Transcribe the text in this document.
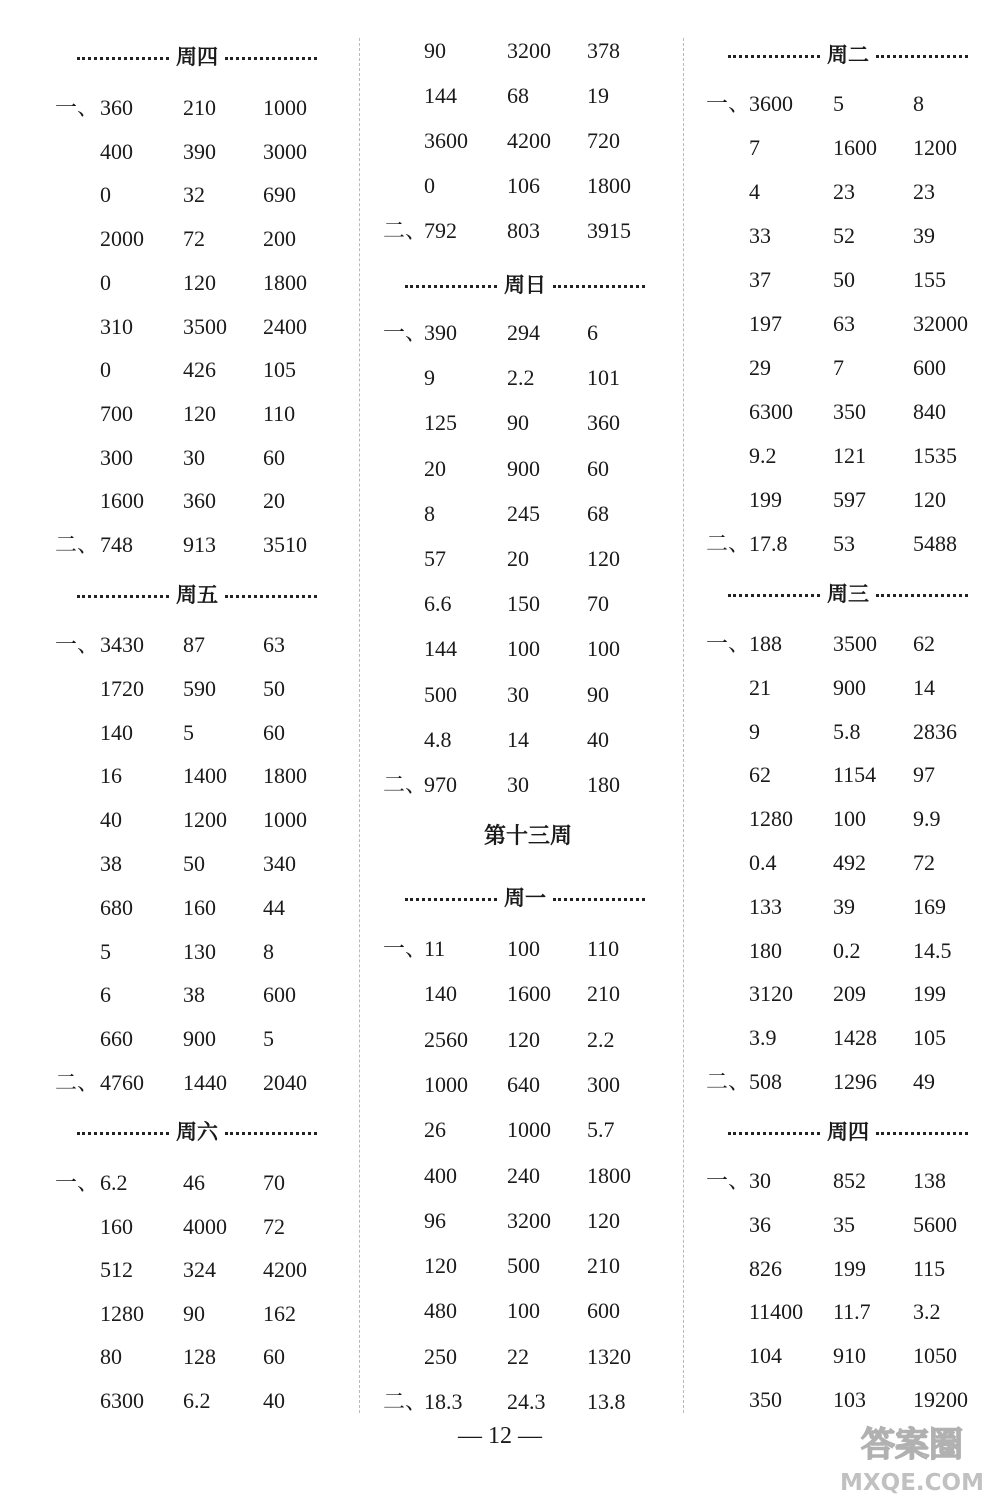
周四
一、 360 210 1000
400 390 3000
0	32	690
2000 72	200
0	120 1800
310 3500 2400
0	426 105
700 120 110
300 30	60
1600 360 20
二、 748 913 3510
周五
一、 3430 87	63
1720 590 50
140 5	60
16	1400 1800
40	1200 1000
38	50	340
680 160 44
5	130 8
6	38	600
660 900 5
二、 4760 1440 2040
周六
一、 6.2	46	70
160 4000 72
512 324 4200
1280 90	162
80	128 60
6300 6.2 40
90	3200 378
144 68	19
3600 4200 720
0	106 1800
二、
792 803 3915
周日
一、
390 294 6
9	2.2 101
125 90	360
20	900 60
8	245 68
57	20	120
6.6	150 70
144 100 100
500 30	90
4.8	14	40
二、
970 30	180
周一
一、
11	100 110
140 1600 210
2560 120 2.2
1000 640 300
26	1000 5.7
400 240 1800
96	3200 120
120 500 210
480 100 600
250 22	1320
二、
18.3 24.3 13.8
周二
一、
3600 5	8
7	1600 1200
4	23	23
33	52	39
37	50	155
197 63	32000
29	7	600
6300 350 840
9.2	121 1535
199 597 120
二、
17.8 53	5488
周三
一、
188 3500 62
21	900 14
9	5.8 2836
62	1154 97
1280 100 9.9
0.4	492 72
133 39	169
180 0.2 14.5
3120 209 199
3.9	1428 105
二、
508 1296 49
周四
一、
30	852 138
36	35	5600
826 199 115
11400 11.7 3.2
104 910 1050
350 103 19200
第十三周
— 12 —	答案圈
MXQE.COM
